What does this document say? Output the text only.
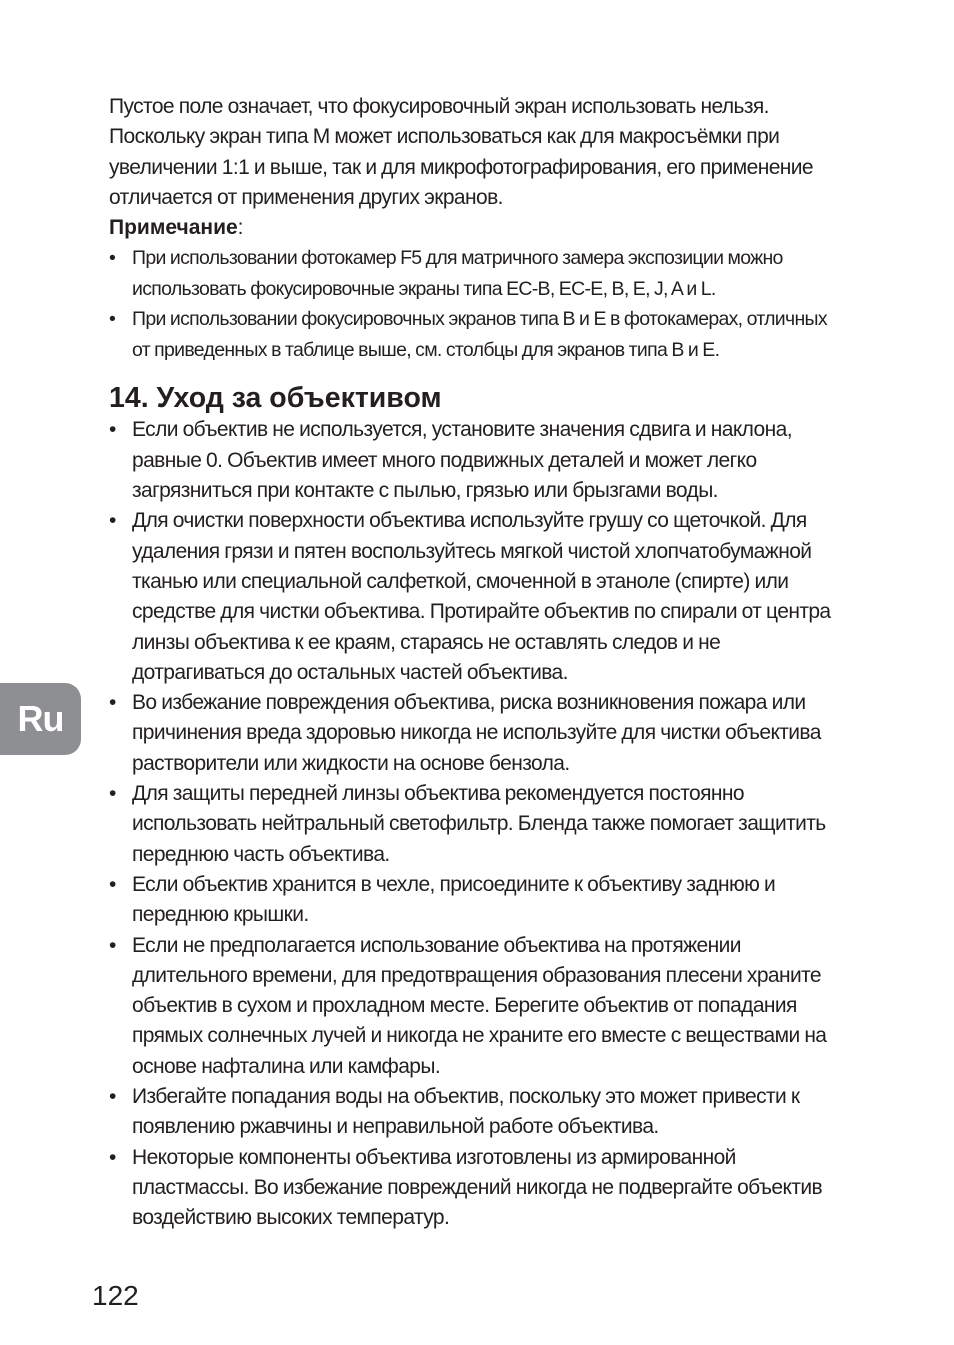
Пустое поле означает, что фокусировочный экран использовать нельзя.

Поскольку экран типа M может использоваться как для макросъёмки при увеличении 1:1 и выше, так и для микрофотографирования, его применение отличается от применения других экранов.

Примечание:

• При использовании фотокамер F5 для матричного замера экспозиции можно использовать фокусировочные экраны типа EC-B, EC-E, B, E, J, A и L.
• При использовании фокусировочных экранов типа B и E в фотокамерах, отличных от приведенных в таблице выше, см. столбцы для экранов типа B и E.
14. Уход за объективом
• Если объектив не используется, установите значения сдвига и наклона, равные 0. Объектив имеет много подвижных деталей и может легко загрязниться при контакте с пылью, грязью или брызгами воды.
• Для очистки поверхности объектива используйте грушу со щеточкой. Для удаления грязи и пятен воспользуйтесь мягкой чистой хлопчатобумажной тканью или специальной салфеткой, смоченной в этаноле (спирте) или средстве для чистки объектива. Протирайте объектив по спирали от центра линзы объектива к ее краям, стараясь не оставлять следов и не дотрагиваться до остальных частей объектива.
• Во избежание повреждения объектива, риска возникновения пожара или причинения вреда здоровью никогда не используйте для чистки объектива растворители или жидкости на основе бензола.
• Для защиты передней линзы объектива рекомендуется постоянно использовать нейтральный светофильтр. Бленда также помогает защитить переднюю часть объектива.
• Если объектив хранится в чехле, присоедините к объективу заднюю и переднюю крышки.
• Если не предполагается использование объектива на протяжении длительного времени, для предотвращения образования плесени храните объектив в сухом и прохладном месте. Берегите объектив от попадания прямых солнечных лучей и никогда не храните его вместе с веществами на основе нафталина или камфары.
• Избегайте попадания воды на объектив, поскольку это может привести к появлению ржавчины и неправильной работе объектива.
• Некоторые компоненты объектива изготовлены из армированной пластмассы. Во избежание повреждений никогда не подвергайте объектив воздействию высоких температур.
Ru
122
